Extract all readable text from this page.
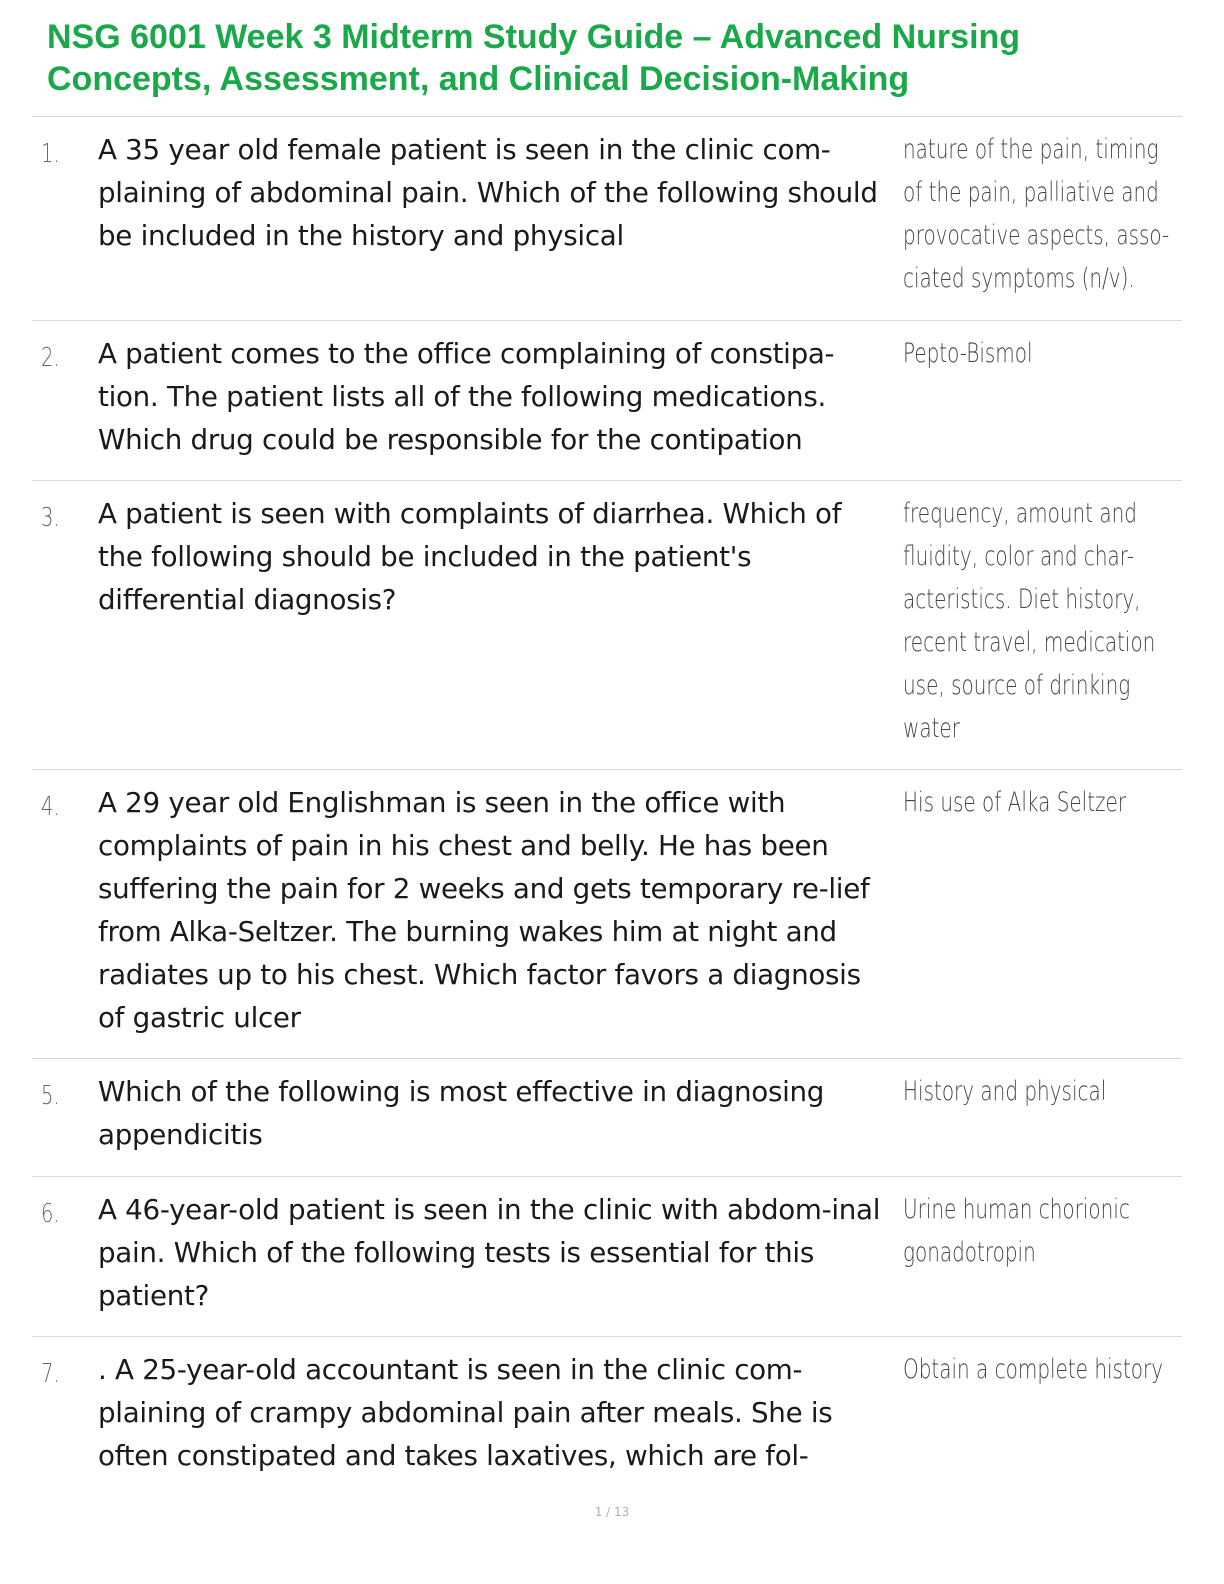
NSG 6001 Week 3 Midterm Study Guide – Advanced Nursing Concepts, Assessment, and Clinical Decision-Making
1. A 35 year old female patient is seen in the clinic com-plaining of abdominal pain. Which of the following should be included in the history and physical
nature of the pain, timing of the pain, palliative and provocative aspects, asso-ciated symptoms (n/v).
2. A patient comes to the office complaining of constipa-tion. The patient lists all of the following medications. Which drug could be responsible for the contipation
Pepto-Bismol
3. A patient is seen with complaints of diarrhea. Which of the following should be included in the patient's differential diagnosis?
frequency, amount and fluidity, color and char-acteristics. Diet history, recent travel, medication use, source of drinking water
4. A 29 year old Englishman is seen in the office with complaints of pain in his chest and belly. He has been suffering the pain for 2 weeks and gets temporary re-lief from Alka-Seltzer. The burning wakes him at night and radiates up to his chest. Which factor favors a diagnosis of gastric ulcer
His use of Alka Seltzer
5. Which of the following is most effective in diagnosing appendicitis
History and physical
6. A 46-year-old patient is seen in the clinic with abdom-inal pain. Which of the following tests is essential for this patient?
Urine human chorionic gonadotropin
7. . A 25-year-old accountant is seen in the clinic com-plaining of crampy abdominal pain after meals. She is often constipated and takes laxatives, which are fol-
Obtain a complete history
1 / 13
